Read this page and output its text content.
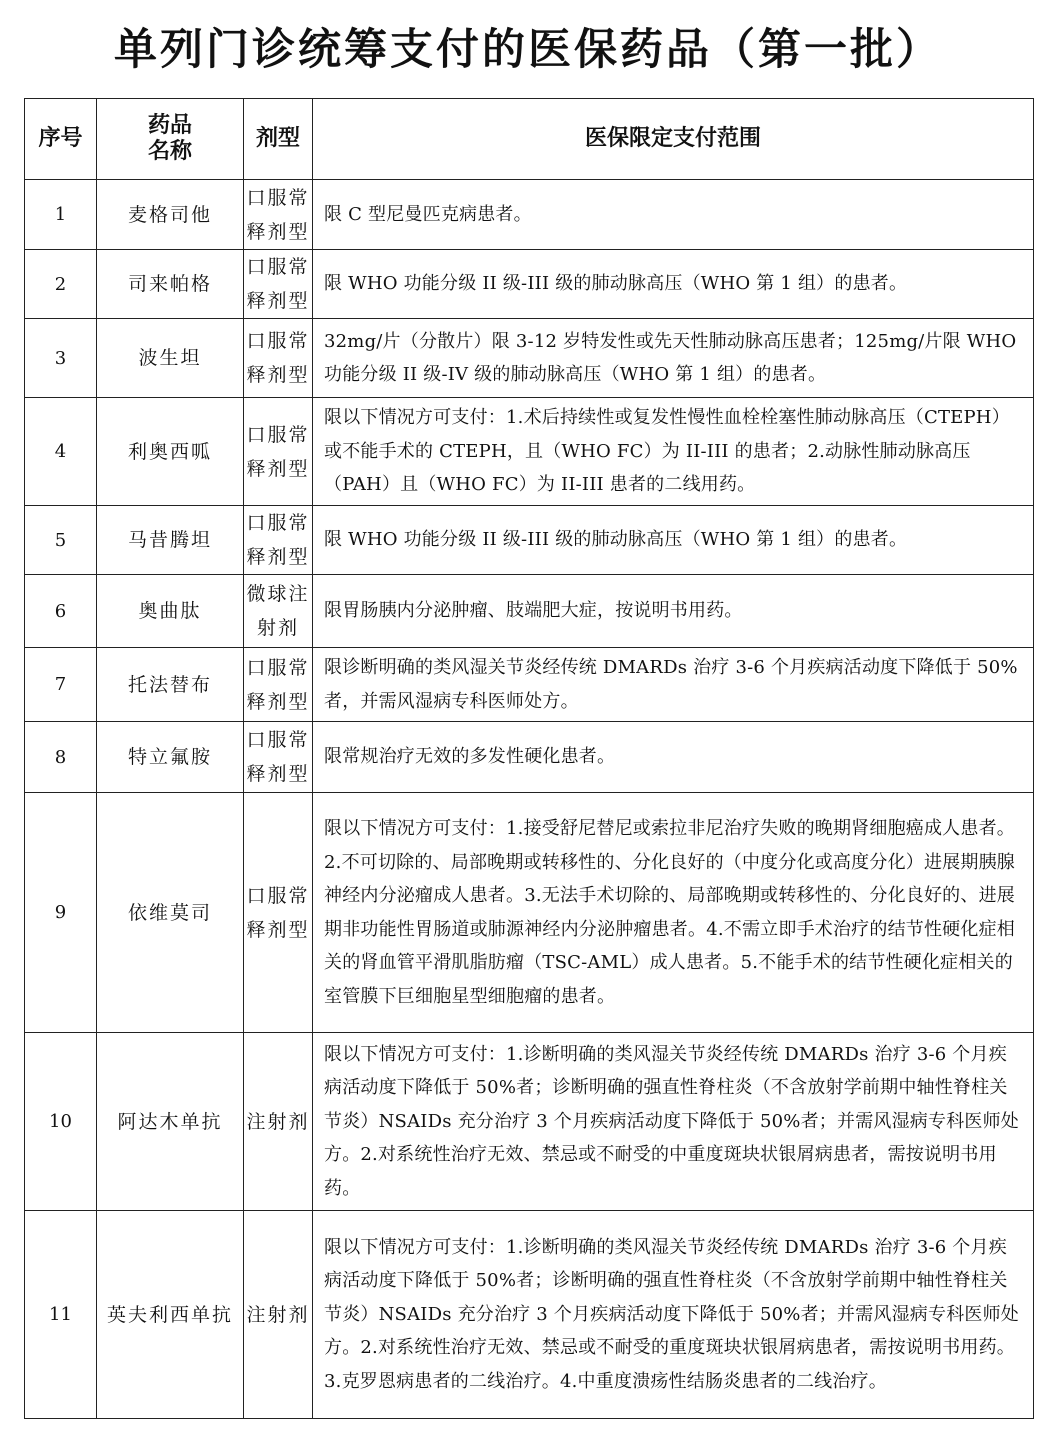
单列门诊统筹支付的医保药品（第一批）
序号	药品名称	剂型	医保限定支付范围
1	麦格司他	口服常释剂型	限 C 型尼曼匹克病患者。
2	司来帕格	口服常释剂型	限 WHO 功能分级 II 级-III 级的肺动脉高压（WHO 第 1 组）的患者。
3	波生坦	口服常释剂型	32mg/片（分散片）限 3-12 岁特发性或先天性肺动脉高压患者；125mg/片限 WHO 功能分级 II 级-IV 级的肺动脉高压（WHO 第 1 组）的患者。
4	利奥西呱	口服常释剂型	限以下情况方可支付：1.术后持续性或复发性慢性血栓栓塞性肺动脉高压（CTEPH）或不能手术的 CTEPH，且（WHO FC）为 II-III 的患者；2.动脉性肺动脉高压（PAH）且（WHO FC）为 II-III 患者的二线用药。
5	马昔腾坦	口服常释剂型	限 WHO 功能分级 II 级-III 级的肺动脉高压（WHO 第 1 组）的患者。
6	奥曲肽	微球注射剂	限胃肠胰内分泌肿瘤、肢端肥大症，按说明书用药。
7	托法替布	口服常释剂型	限诊断明确的类风湿关节炎经传统 DMARDs 治疗 3-6 个月疾病活动度下降低于 50%者，并需风湿病专科医师处方。
8	特立氟胺	口服常释剂型	限常规治疗无效的多发性硬化患者。
9	依维莫司	口服常释剂型	限以下情况方可支付：1.接受舒尼替尼或索拉非尼治疗失败的晚期肾细胞癌成人患者。2.不可切除的、局部晚期或转移性的、分化良好的（中度分化或高度分化）进展期胰腺神经内分泌瘤成人患者。3.无法手术切除的、局部晚期或转移性的、分化良好的、进展期非功能性胃肠道或肺源神经内分泌肿瘤患者。4.不需立即手术治疗的结节性硬化症相关的肾血管平滑肌脂肪瘤（TSC-AML）成人患者。5.不能手术的结节性硬化症相关的室管膜下巨细胞星型细胞瘤的患者。
10	阿达木单抗	注射剂	限以下情况方可支付：1.诊断明确的类风湿关节炎经传统 DMARDs 治疗 3-6 个月疾病活动度下降低于 50%者；诊断明确的强直性脊柱炎（不含放射学前期中轴性脊柱关节炎）NSAIDs 充分治疗 3 个月疾病活动度下降低于 50%者；并需风湿病专科医师处方。2.对系统性治疗无效、禁忌或不耐受的中重度斑块状银屑病患者，需按说明书用药。
11	英夫利西单抗	注射剂	限以下情况方可支付：1.诊断明确的类风湿关节炎经传统 DMARDs 治疗 3-6 个月疾病活动度下降低于 50%者；诊断明确的强直性脊柱炎（不含放射学前期中轴性脊柱关节炎）NSAIDs 充分治疗 3 个月疾病活动度下降低于 50%者；并需风湿病专科医师处方。2.对系统性治疗无效、禁忌或不耐受的重度斑块状银屑病患者，需按说明书用药。3.克罗恩病患者的二线治疗。4.中重度溃疡性结肠炎患者的二线治疗。
